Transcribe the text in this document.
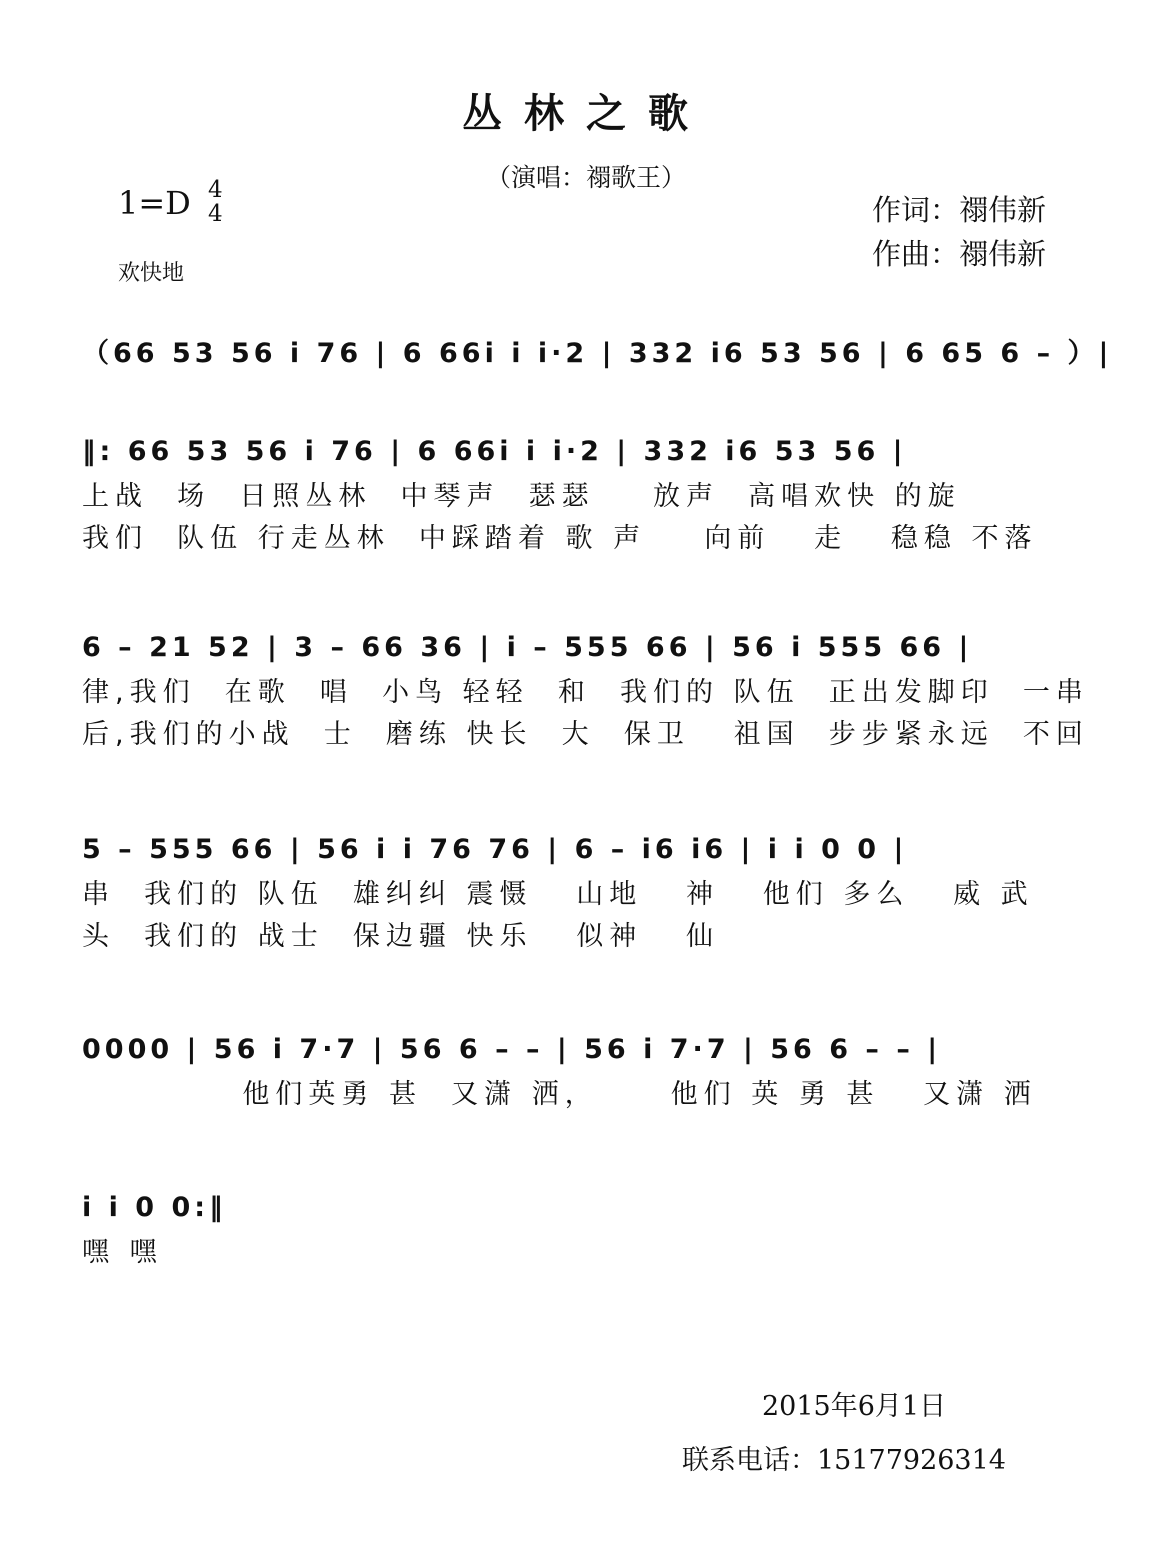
丛林之歌
（演唱：禤歌王）
1=D 4
4
欢快地
作词：禤伟新
作曲：禤伟新
（66 53 56 i 76 | 6 66i i i·2 | 332 i6 53 56 | 6 65 6 – ）|
‖: 66 53 56 i 76 | 6 66i i i·2 | 332 i6 53 56 |
上战  场  日照丛林  中琴声  瑟瑟    放声  高唱欢快 的旋
我们  队伍 行走丛林  中踩踏着 歌 声    向前   走   稳稳 不落
6 – 21 52 | 3 – 66 36 | i – 555 66 | 56 i 555 66 |
律,我们  在歌  唱  小鸟 轻轻  和  我们的 队伍  正出发脚印  一串
后,我们的小战  士  磨练 快长  大  保卫   祖国  步步紧永远  不回
5 – 555 66 | 56 i i 76 76 | 6 – i6 i6 | i i 0 0 |
串  我们的 队伍  雄纠纠 震慑   山地   神   他们 多么   威 武
头  我们的 战士  保边疆 快乐   似神   仙
0000 | 56 i 7·7 | 56 6 – – | 56 i 7·7 | 56 6 – – |
他们英勇 甚  又潇 洒，     他们 英 勇 甚   又潇 洒
i i 0 0:‖
嘿 嘿
2015年6月1日
联系电话：15177926314
